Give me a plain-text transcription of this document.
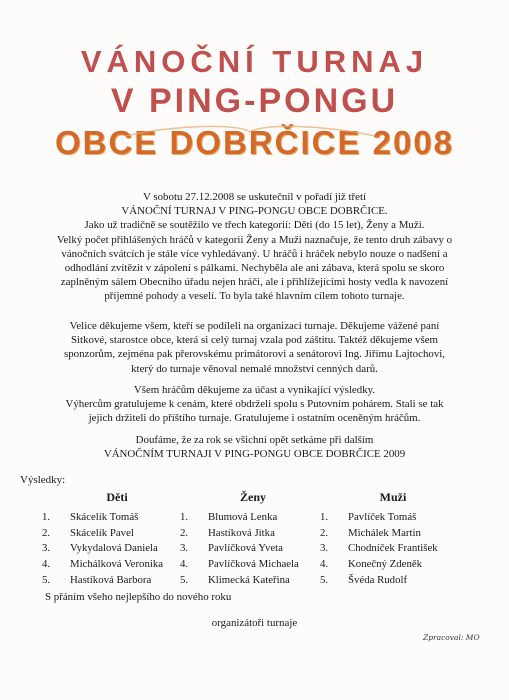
VÁNOČNÍ TURNAJ
V PING-PONGU
OBCE DOBRČICE 2008
V sobotu 27.12.2008 se uskutečnil v pořadí již třetí
VÁNOČNÍ TURNAJ V PING-PONGU OBCE DOBRČICE.
Jako už tradičně se soutěžilo ve třech kategorií: Děti (do 15 let), Ženy a Muži.
Velký počet přihlášených hráčů v kategorii Ženy a Muži naznačuje, že tento druh zábavy o
vánočních svátcích je stále více vyhledávaný. U hráčů i hráček nebylo nouze o nadšení a
odhodlání zvítězit v zápolení s pálkami. Nechyběla ale ani zábava, která spolu se skoro
zaplněným sálem Obecního úřadu nejen hráči, ale i přihlížejícími hosty vedla k navození
příjemné pohody a veselí. To byla také hlavním cílem tohoto turnaje.
Velice děkujeme všem, kteří se podíleli na organizaci turnaje. Děkujeme vážené paní
Sitkové, starostce obce, která si celý turnaj vzala pod záštitu. Taktéž děkujeme všem
sponzorům, zejména pak přerovskému primátorovi a senátorovi Ing. Jiřímu Lajtochovi,
který do turnaje věnoval nemalé množství cenných darů.
Všem hráčům děkujeme za účast a vynikající výsledky.
Výhercům gratulujeme k cenám, které obdrželi spolu s Putovním pohárem. Stali se tak
jejich držiteli do příštího turnaje. Gratulujeme i ostatním oceněným hráčům.
Doufáme, že za rok se všichni opět setkáme při dalším
VÁNOČNÍM TURNAJI V PING-PONGU OBCE DOBRČICE 2009
Výsledky:
Děti
1. Skácelík Tomáš
2. Skácelík Pavel
3. Vykydalová Daniela
4. Michálková Veronika
5. Hastíková Barbora
Ženy
1. Blumová Lenka
2. Hastíková Jitka
3. Pavlíčková Yveta
4. Pavlíčková Michaela
5. Klimecká Kateřina
Muži
1. Pavlíček Tomáš
2. Michálek Martin
3. Chodníček František
4. Konečný Zdeněk
5. Švéda Rudolf
S přáním všeho nejlepšího do nového roku
organizátoři turnaje
Zpracoval: MO
